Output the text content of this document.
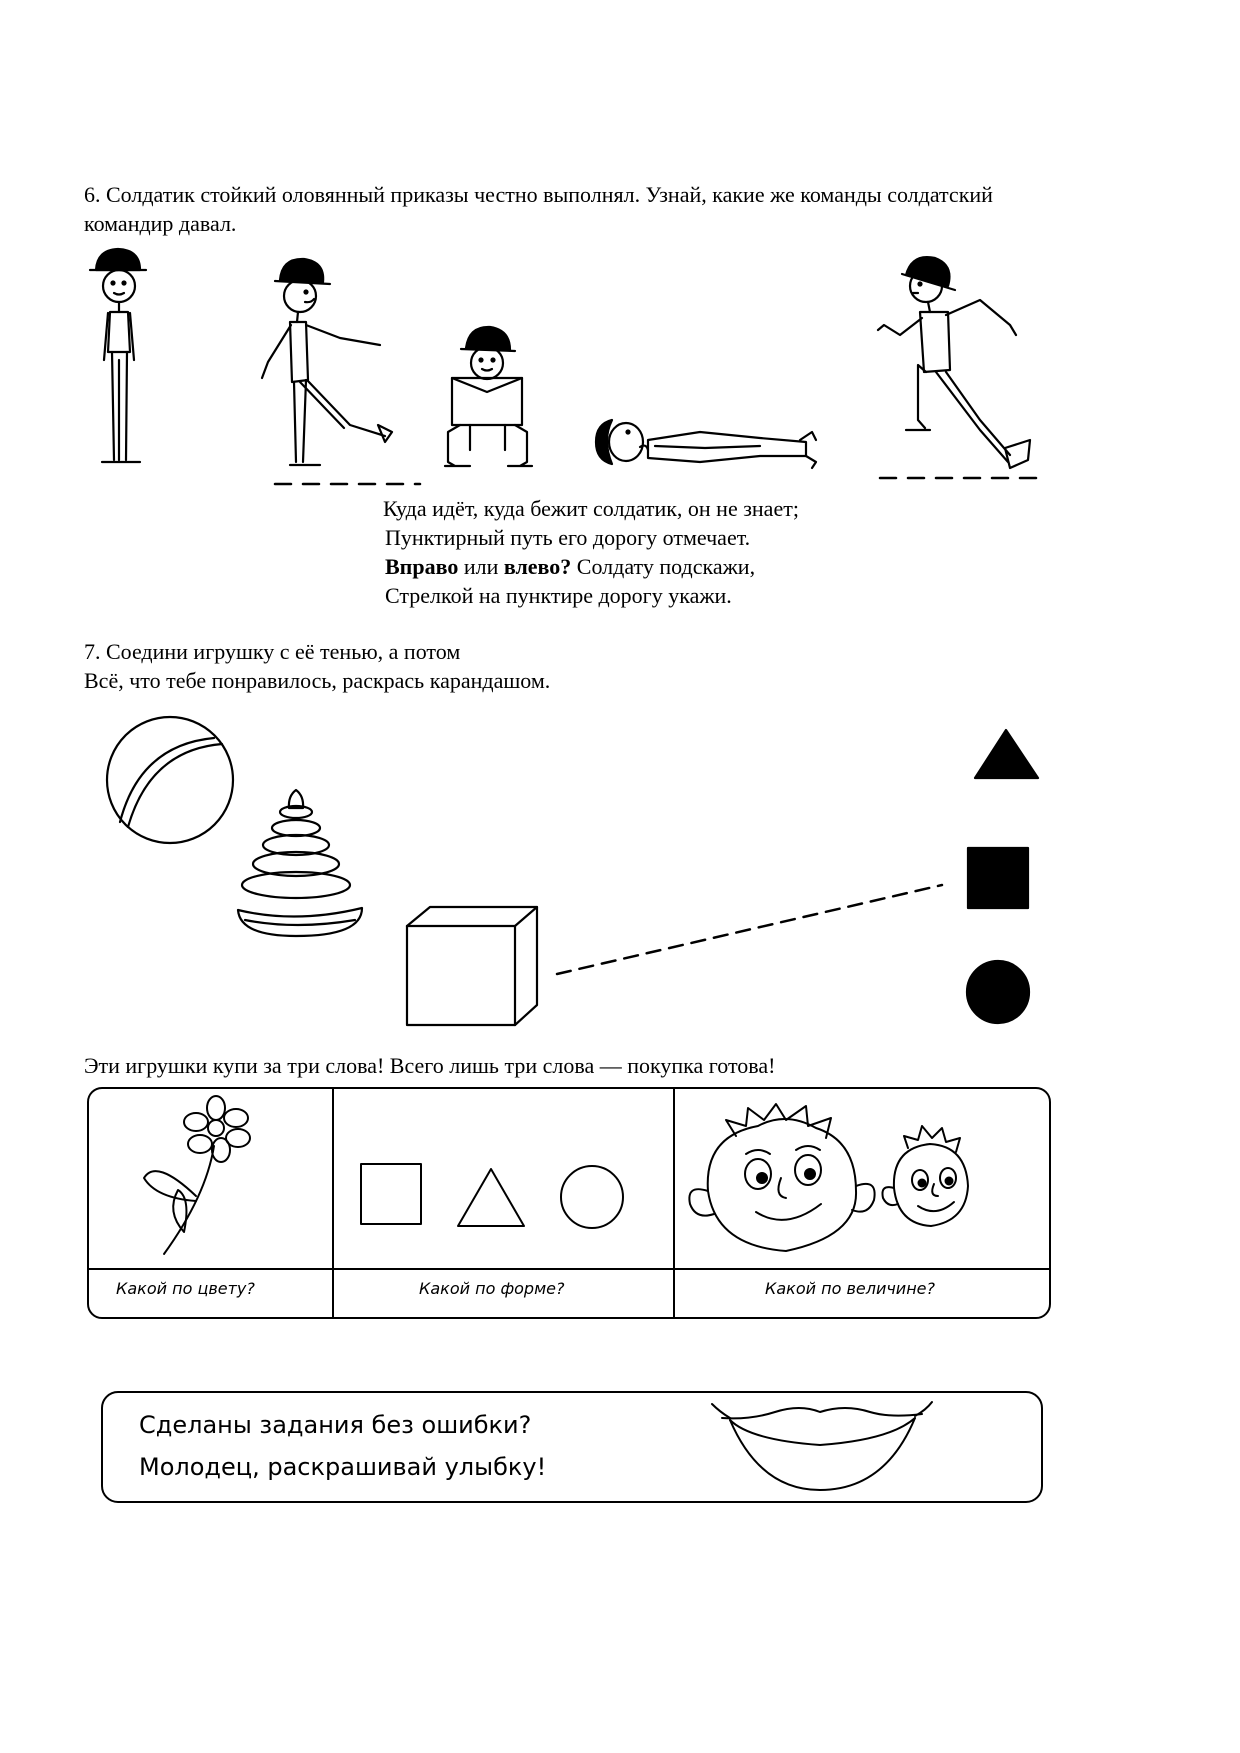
6. Солдатик стойкий оловянный приказы честно выполнял. Узнай, какие же команды солдатский
командир давал.
Куда идёт, куда бежит солдатик, он не знает;
Пунктирный путь его дорогу отмечает.
Вправо или влево? Солдату подскажи,
Стрелкой на пунктире дорогу укажи.
7. Соедини игрушку с её тенью, а потом
Всё, что тебе понравилось, раскрась карандашом.
Эти игрушки купи за три слова! Всего лишь три слова — покупка готова!
Какой по цвету?	Какой по форме?	Какой по величине?
Сделаны задания без ошибки?
Молодец, раскрашивай улыбку!
